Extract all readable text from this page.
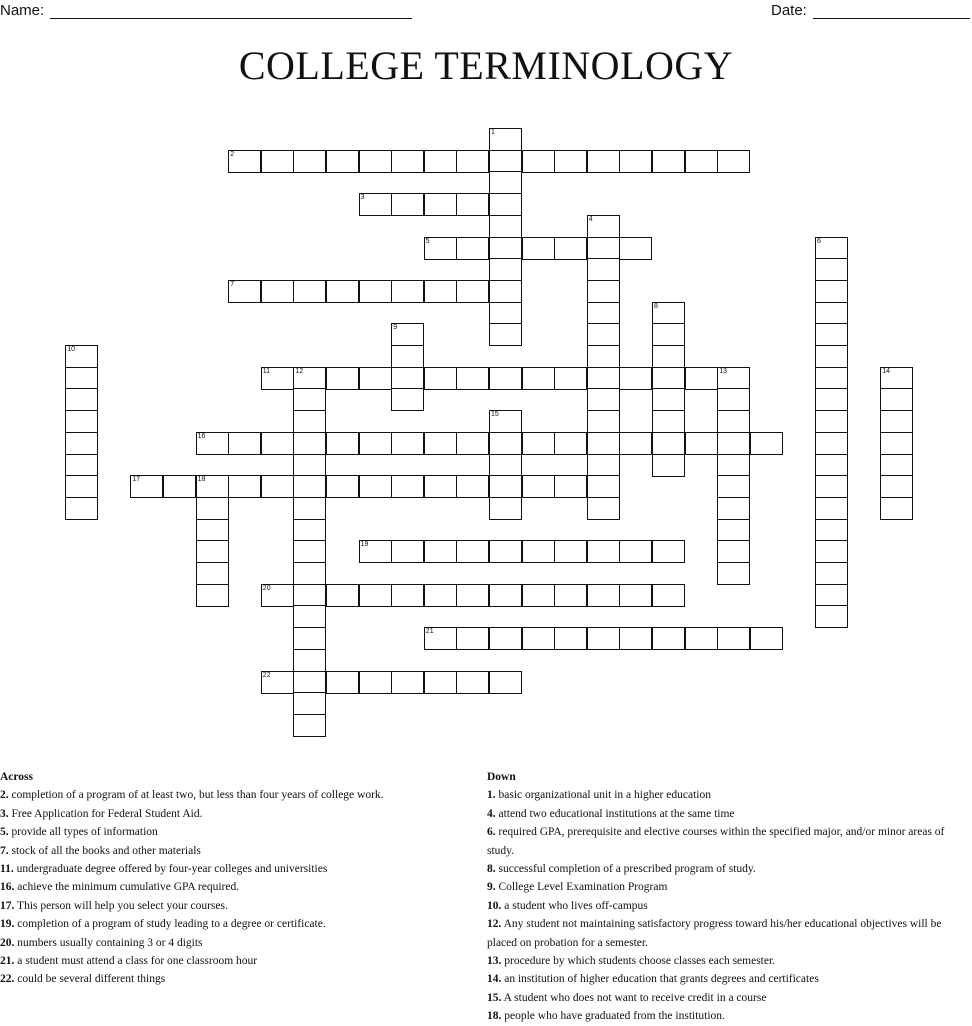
Name:	Date:
COLLEGE TERMINOLOGY
1
2
3
4
5	6
7
8
9
10
11	12	13	14
15
16
17	18
19
20
21
22
Across
2. completion of a program of at least two, but less than four years of college work.
3. Free Application for Federal Student Aid.
5. provide all types of information
7. stock of all the books and other materials
11. undergraduate degree offered by four-year colleges and universities
16. achieve the minimum cumulative GPA required.
17. This person will help you select your courses.
19. completion of a program of study leading to a degree or certificate.
20. numbers usually containing 3 or 4 digits
21. a student must attend a class for one classroom hour
22. could be several different things
Down
1. basic organizational unit in a higher education
4. attend two educational institutions at the same time
6. required GPA, prerequisite and elective courses within the specified major, and/or minor areas of study.
8. successful completion of a prescribed program of study.
9. College Level Examination Program
10. a student who lives off-campus
12. Any student not maintaining satisfactory progress toward his/her educational objectives will be placed on probation for a semester.
13. procedure by which students choose classes each semester.
14. an institution of higher education that grants degrees and certificates
15. A student who does not want to receive credit in a course
18. people who have graduated from the institution.
